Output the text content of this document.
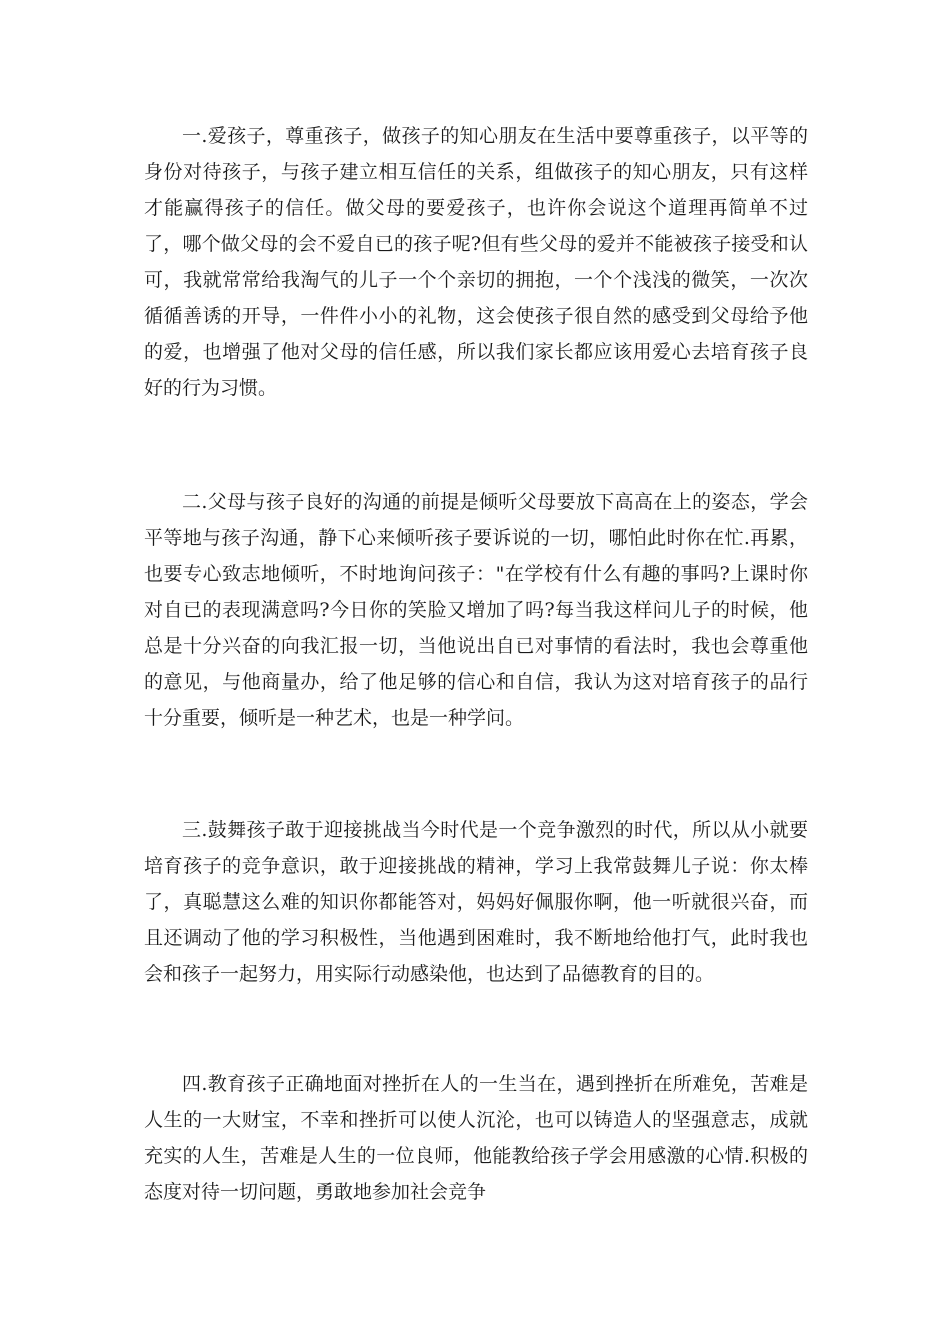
一.爱孩子，尊重孩子，做孩子的知心朋友在生活中要尊重孩子，以平等的身份对待孩子，与孩子建立相互信任的关系，组做孩子的知心朋友，只有这样才能赢得孩子的信任。做父母的要爱孩子，也许你会说这个道理再简单不过了，哪个做父母的会不爱自已的孩子呢?但有些父母的爱并不能被孩子接受和认可，我就常常给我淘气的儿子一个个亲切的拥抱，一个个浅浅的微笑，一次次循循善诱的开导，一件件小小的礼物，这会使孩子很自然的感受到父母给予他的爱，也增强了他对父母的信任感，所以我们家长都应该用爱心去培育孩子良好的行为习惯。

二.父母与孩子良好的沟通的前提是倾听父母要放下高高在上的姿态，学会平等地与孩子沟通，静下心来倾听孩子要诉说的一切，哪怕此时你在忙.再累，也要专心致志地倾听，不时地询问孩子："在学校有什么有趣的事吗?上课时你对自已的表现满意吗?今日你的笑脸又增加了吗?每当我这样问儿子的时候，他总是十分兴奋的向我汇报一切，当他说出自已对事情的看法时，我也会尊重他的意见，与他商量办，给了他足够的信心和自信，我认为这对培育孩子的品行十分重要，倾听是一种艺术，也是一种学问。

三.鼓舞孩子敢于迎接挑战当今时代是一个竞争激烈的时代，所以从小就要培育孩子的竞争意识，敢于迎接挑战的精神，学习上我常鼓舞儿子说：你太棒了，真聪慧这么难的知识你都能答对，妈妈好佩服你啊，他一听就很兴奋，而且还调动了他的学习积极性，当他遇到困难时，我不断地给他打气，此时我也会和孩子一起努力，用实际行动感染他，也达到了品德教育的目的。

四.教育孩子正确地面对挫折在人的一生当在，遇到挫折在所难免，苦难是人生的一大财宝，不幸和挫折可以使人沉沦，也可以铸造人的坚强意志，成就充实的人生，苦难是人生的一位良师，他能教给孩子学会用感激的心情.积极的态度对待一切问题，勇敢地参加社会竞争
